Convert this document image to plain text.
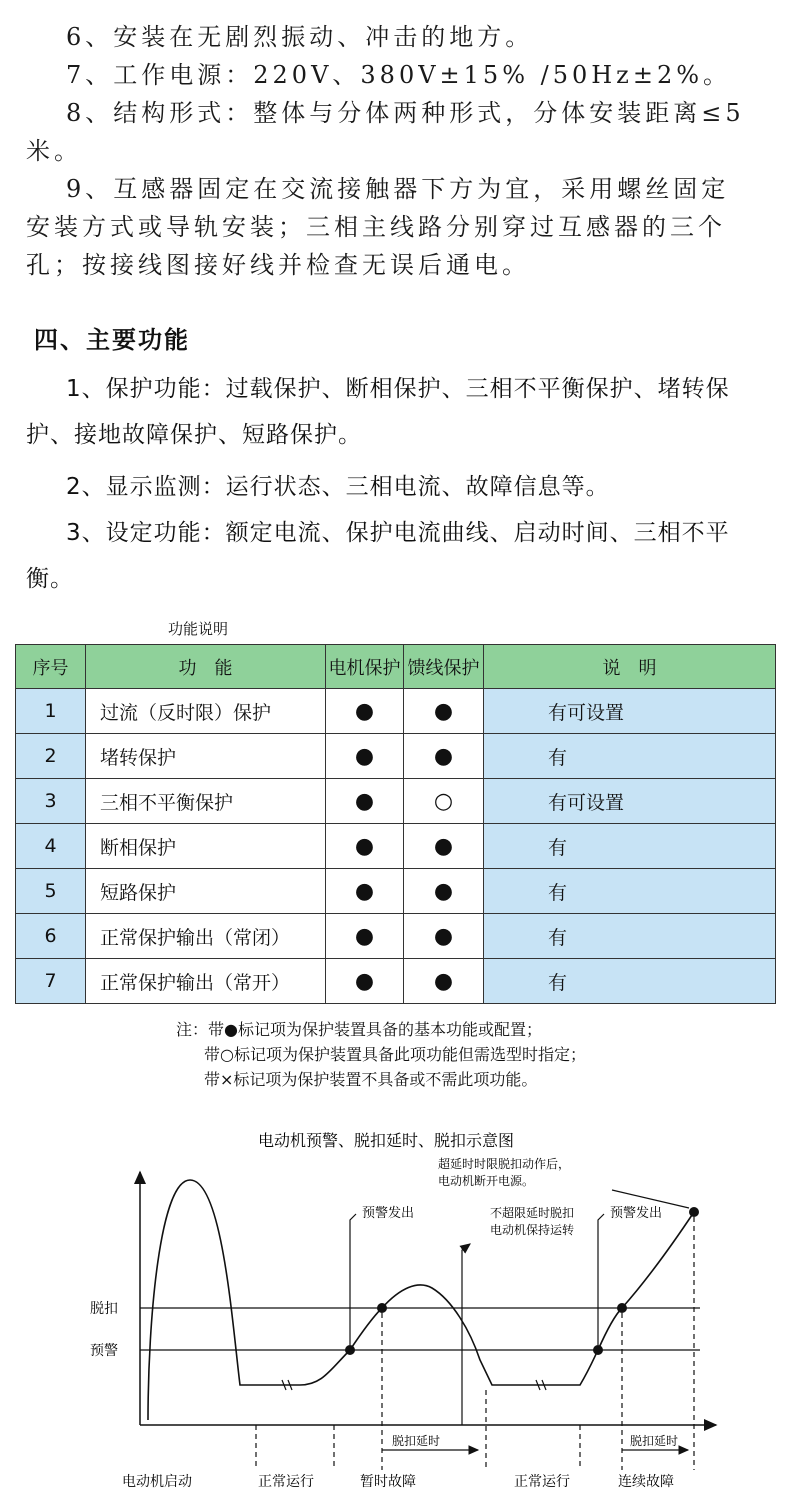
6、安装在无剧烈振动、冲击的地方。

7、工作电源：220V、380V±15% /50Hz±2%。

8、结构形式：整体与分体两种形式，分体安装距离≤5米。

9、互感器固定在交流接触器下方为宜，采用螺丝固定安装方式或导轨安装；三相主线路分别穿过互感器的三个孔；按接线图接好线并检查无误后通电。

四、主要功能

1、保护功能：过载保护、断相保护、三相不平衡保护、堵转保护、接地故障保护、短路保护。

2、显示监测：运行状态、三相电流、故障信息等。

3、设定功能：额定电流、保护电流曲线、启动时间、三相不平衡。

功能说明
序号	功　能	电机保护	馈线保护	说　明
1	过流（反时限）保护	●	●	有可设置
2	堵转保护	●	●	有
3	三相不平衡保护	●	○	有可设置
4	断相保护	●	●	有
5	短路保护	●	●	有
6	正常保护输出（常闭）	●	●	有
7	正常保护输出（常开）	●	●	有

注：带●标记项为保护装置具备的基本功能或配置；

带○标记项为保护装置具备此项功能但需选型时指定；

带×标记项为保护装置不具备或不需此项功能。

电动机预警、脱扣延时、脱扣示意图
脱扣
预警
超延时时限脱扣动作后，
电动机断开电源。
预警发出	预警发出
不超限延时脱扣
电动机保持运转
脱扣延时	脱扣延时
电动机启动	正常运行	暂时故障	正常运行	连续故障
